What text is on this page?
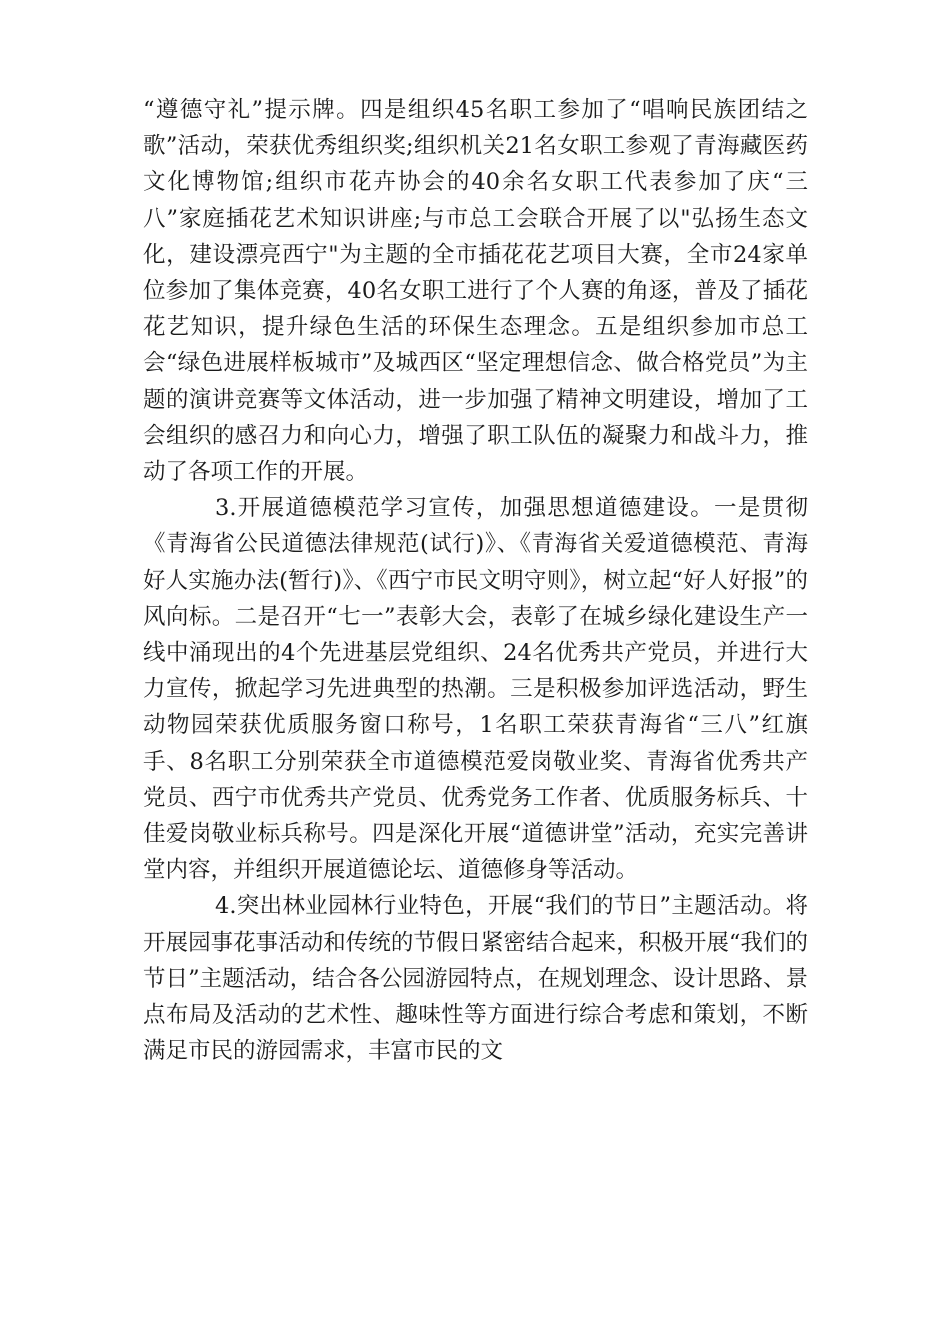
“遵德守礼”提示牌。四是组织45名职工参加了“唱响民族团结之歌”活动，荣获优秀组织奖;组织机关21名女职工参观了青海藏医药文化博物馆;组织市花卉协会的40余名女职工代表参加了庆“三八”家庭插花艺术知识讲座;与市总工会联合开展了以"弘扬生态文化，建设漂亮西宁"为主题的全市插花花艺项目大赛，全市24家单位参加了集体竞赛，40名女职工进行了个人赛的角逐，普及了插花花艺知识，提升绿色生活的环保生态理念。五是组织参加市总工会“绿色进展样板城市”及城西区“坚定理想信念、做合格党员”为主题的演讲竞赛等文体活动，进一步加强了精神文明建设，增加了工会组织的感召力和向心力，增强了职工队伍的凝聚力和战斗力，推动了各项工作的开展。

3.开展道德模范学习宣传，加强思想道德建设。一是贯彻《青海省公民道德法律规范(试行)》、《青海省关爱道德模范、青海好人实施办法(暂行)》、《西宁市民文明守则》，树立起“好人好报”的风向标。二是召开“七一”表彰大会，表彰了在城乡绿化建设生产一线中涌现出的4个先进基层党组织、24名优秀共产党员，并进行大力宣传，掀起学习先进典型的热潮。三是积极参加评选活动，野生动物园荣获优质服务窗口称号，1名职工荣获青海省“三八”红旗手、8名职工分别荣获全市道德模范爱岗敬业奖、青海省优秀共产党员、西宁市优秀共产党员、优秀党务工作者、优质服务标兵、十佳爱岗敬业标兵称号。四是深化开展“道德讲堂”活动，充实完善讲堂内容，并组织开展道德论坛、道德修身等活动。

4.突出林业园林行业特色，开展“我们的节日”主题活动。将开展园事花事活动和传统的节假日紧密结合起来，积极开展“我们的节日”主题活动，结合各公园游园特点，在规划理念、设计思路、景点布局及活动的艺术性、趣味性等方面进行综合考虑和策划，不断满足市民的游园需求，丰富市民的文
